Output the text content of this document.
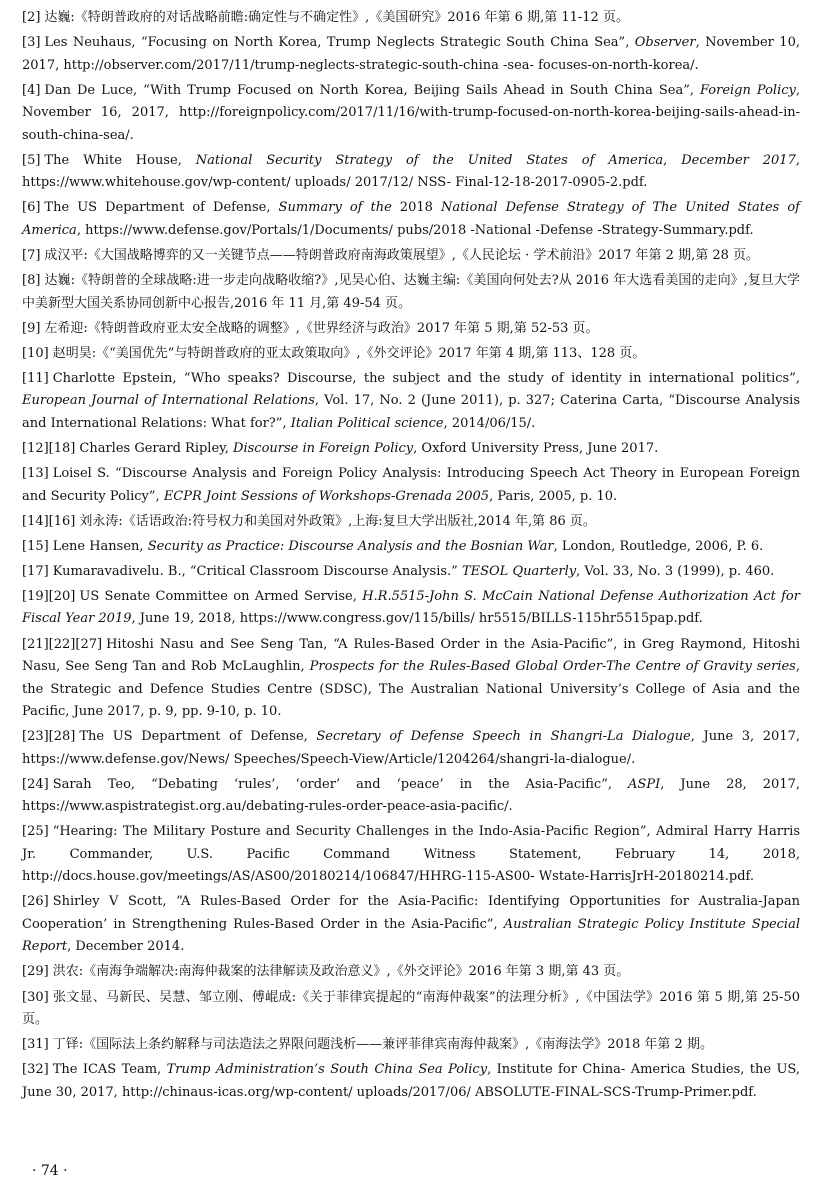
[2] 达巍:《特朗普政府的对话战略前瞻:确定性与不确定性》,《美国研究》2016 年第 6 期,第 11-12 页。
[3] Les Neuhaus, “Focusing on North Korea, Trump Neglects Strategic South China Sea”, Observer, November 10, 2017, http://observer.com/2017/11/trump-neglects-strategic-south-china -sea- focuses-on-north-korea/.
[4] Dan De Luce, “With Trump Focused on North Korea, Beijing Sails Ahead in South China Sea”, Foreign Policy, November 16, 2017, http://foreignpolicy.com/2017/11/16/with-trump-focused-on-north-korea-beijing-sails-ahead-in-south-china-sea/.
[5] The White House, National Security Strategy of the United States of America, December 2017, https://www.whitehouse.gov/wp-content/ uploads/ 2017/12/ NSS- Final-12-18-2017-0905-2.pdf.
[6] The US Department of Defense, Summary of the 2018 National Defense Strategy of The United States of America, https://www.defense.gov/Portals/1/Documents/ pubs/2018 -National -Defense -Strategy-Summary.pdf.
[7] 成汉平:《大国战略博弈的又一关键节点——特朗普政府南海政策展望》,《人民论坛 · 学术前沿》2017 年第 2 期,第 28 页。
[8] 达巍:《特朗普的全球战略:进一步走向战略收缩?》,见吴心伯、达巍主编:《美国向何处去?从 2016 年大选看美国的走向》,复旦大学中美新型大国关系协同创新中心报告,2016 年 11 月,第 49-54 页。
[9] 左希迎:《特朗普政府亚太安全战略的调整》,《世界经济与政治》2017 年第 5 期,第 52-53 页。
[10] 赵明昊:《“美国优先”与特朗普政府的亚太政策取向》,《外交评论》2017 年第 4 期,第 113、128 页。
[11] Charlotte Epstein, “Who speaks? Discourse, the subject and the study of identity in international politics”, European Journal of International Relations, Vol. 17, No. 2 (June 2011), p. 327; Caterina Carta, “Discourse Analysis and International Relations: What for?”, Italian Political science, 2014/06/15/.
[12][18] Charles Gerard Ripley, Discourse in Foreign Policy, Oxford University Press, June 2017.
[13] Loisel S. “Discourse Analysis and Foreign Policy Analysis: Introducing Speech Act Theory in European Foreign and Security Policy”, ECPR Joint Sessions of Workshops-Grenada 2005, Paris, 2005, p. 10.
[14][16] 刘永涛:《话语政治:符号权力和美国对外政策》,上海:复旦大学出版社,2014 年,第 86 页。
[15] Lene Hansen, Security as Practice: Discourse Analysis and the Bosnian War, London, Routledge, 2006, P. 6.
[17] Kumaravadivelu. B., “Critical Classroom Discourse Analysis.” TESOL Quarterly, Vol. 33, No. 3 (1999), p. 460.
[19][20] US Senate Committee on Armed Servise, H.R.5515-John S. McCain National Defense Authorization Act for Fiscal Year 2019, June 19, 2018, https://www.congress.gov/115/bills/ hr5515/BILLS-115hr5515pap.pdf.
[21][22][27] Hitoshi Nasu and See Seng Tan, “A Rules-Based Order in the Asia-Pacific”, in Greg Raymond, Hitoshi Nasu, See Seng Tan and Rob McLaughlin, Prospects for the Rules-Based Global Order-The Centre of Gravity series, the Strategic and Defence Studies Centre (SDSC), The Australian National University’s College of Asia and the Pacific, June 2017, p. 9, pp. 9-10, p. 10.
[23][28] The US Department of Defense, Secretary of Defense Speech in Shangri-La Dialogue, June 3, 2017, https://www.defense.gov/News/ Speeches/Speech-View/Article/1204264/shangri-la-dialogue/.
[24] Sarah Teo, “Debating ‘rules’, ‘order’ and ‘peace’ in the Asia-Pacific”, ASPI, June 28, 2017, https://www.aspistrategist.org.au/debating-rules-order-peace-asia-pacific/.
[25] “Hearing: The Military Posture and Security Challenges in the Indo-Asia-Pacific Region”, Admiral Harry Harris Jr. Commander, U.S. Pacific Command Witness Statement, February 14, 2018, http://docs.house.gov/meetings/AS/AS00/20180214/106847/HHRG-115-AS00- Wstate-HarrisJrH-20180214.pdf.
[26] Shirley V Scott, “A Rules-Based Order for the Asia-Pacific: Identifying Opportunities for Australia-Japan Cooperation’ in Strengthening Rules-Based Order in the Asia-Pacific”, Australian Strategic Policy Institute Special Report, December 2014.
[29] 洪农:《南海争端解决:南海仲裁案的法律解读及政治意义》,《外交评论》2016 年第 3 期,第 43 页。
[30] 张文显、马新民、吴慧、邹立刚、傅崐成:《关于菲律宾提起的“南海仲裁案”的法理分析》,《中国法学》2016 第 5 期,第 25-50 页。
[31] 丁铎:《国际法上条约解释与司法造法之界限问题浅析——兼评菲律宾南海仲裁案》,《南海法学》2018 年第 2 期。
[32] The ICAS Team, Trump Administration’s South China Sea Policy, Institute for China- America Studies, the US, June 30, 2017, http://chinaus-icas.org/wp-content/ uploads/2017/06/ ABSOLUTE-FINAL-SCS-Trump-Primer.pdf.
· 74 ·
